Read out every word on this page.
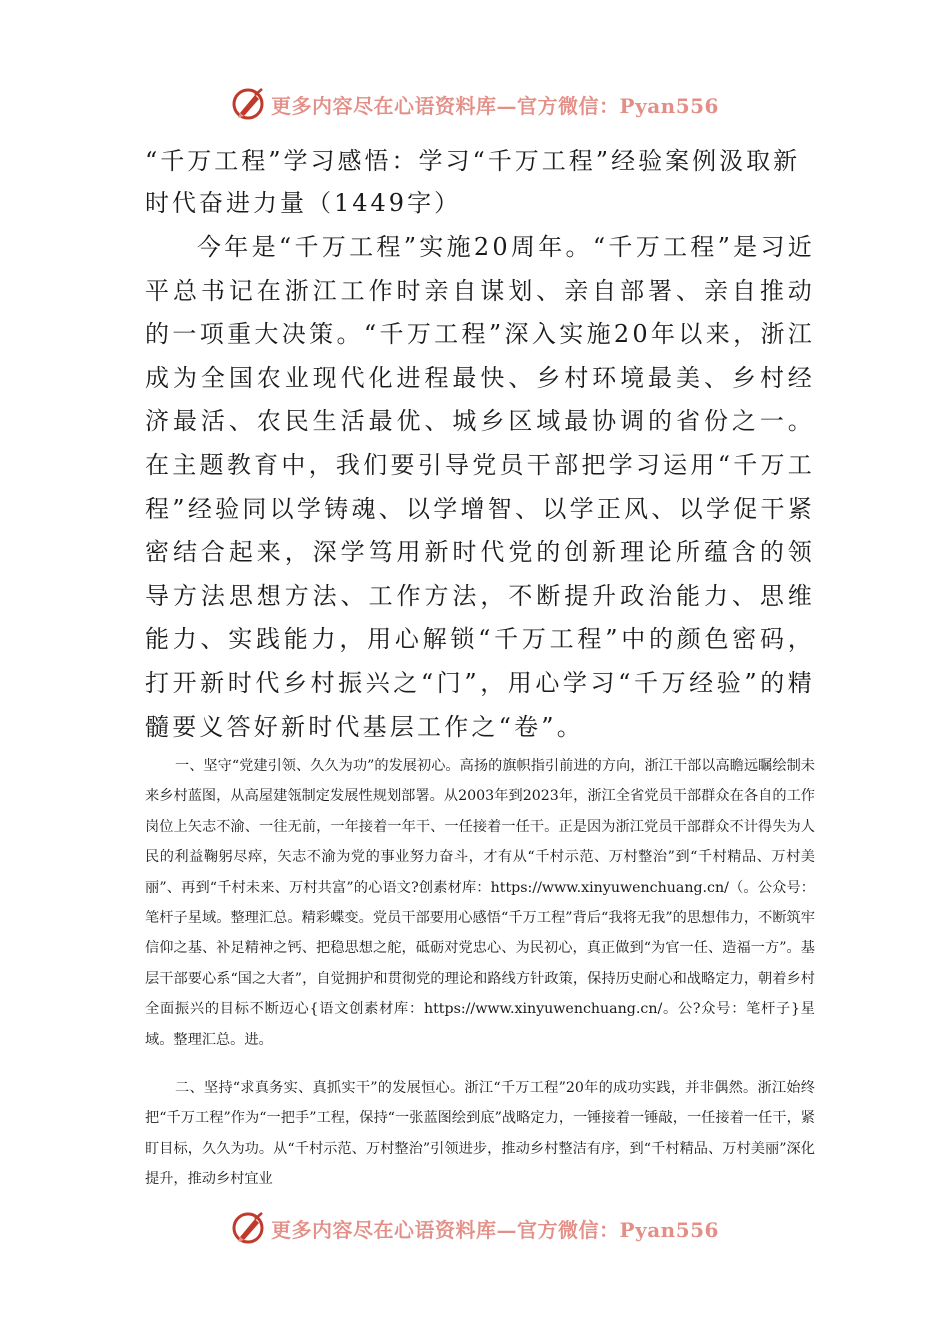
更多内容尽在心语资料库—官方微信：Pyan556
“千万工程”学习感悟：学习“千万工程”经验案例汲取新时代奋进力量（1449字）

今年是“千万工程”实施20周年。“千万工程”是习近平总书记在浙江工作时亲自谋划、亲自部署、亲自推动的一项重大决策。“千万工程”深入实施20年以来，浙江成为全国农业现代化进程最快、乡村环境最美、乡村经济最活、农民生活最优、城乡区域最协调的省份之一。在主题教育中，我们要引导党员干部把学习运用“千万工程”经验同以学铸魂、以学增智、以学正风、以学促干紧密结合起来，深学笃用新时代党的创新理论所蕴含的领导方法思想方法、工作方法，不断提升政治能力、思维能力、实践能力，用心解锁“千万工程”中的颜色密码，打开新时代乡村振兴之“门”，用心学习“千万经验”的精髓要义答好新时代基层工作之“卷”。

一、坚守“党建引领、久久为功”的发展初心。高扬的旗帜指引前进的方向，浙江干部以高瞻远瞩绘制未来乡村蓝图，从高屋建瓴制定发展性规划部署。从2003年到2023年，浙江全省党员干部群众在各自的工作岗位上矢志不渝、一往无前，一年接着一年干、一任接着一任干。正是因为浙江党员干部群众不计得失为人民的利益鞠躬尽瘁，矢志不渝为党的事业努力奋斗，才有从“千村示范、万村整治”到“千村精品、万村美丽”、再到“千村未来、万村共富”的心语文?创素材库：https://www.xinyuwenchuang.cn/（。公众号：笔杆子星域。整理汇总。精彩蝶变。党员干部要用心感悟“千万工程”背后“我将无我”的思想伟力，不断筑牢信仰之基、补足精神之钙、把稳思想之舵，砥砺对党忠心、为民初心，真正做到“为官一任、造福一方”。基层干部要心系“国之大者”，自觉拥护和贯彻党的理论和路线方针政策，保持历史耐心和战略定力，朝着乡村全面振兴的目标不断迈心{语文创素材库：https://www.xinyuwenchuang.cn/。公?众号：笔杆子}星域。整理汇总。进。

二、坚持“求真务实、真抓实干”的发展恒心。浙江“千万工程”20年的成功实践，并非偶然。浙江始终把“千万工程”作为“一把手”工程，保持“一张蓝图绘到底”战略定力，一锤接着一锤敲，一任接着一任干，紧盯目标，久久为功。从“千村示范、万村整治”引领进步，推动乡村整洁有序，到“千村精品、万村美丽”深化提升，推动乡村宜业

更多内容尽在心语资料库—官方微信：Pyan556
